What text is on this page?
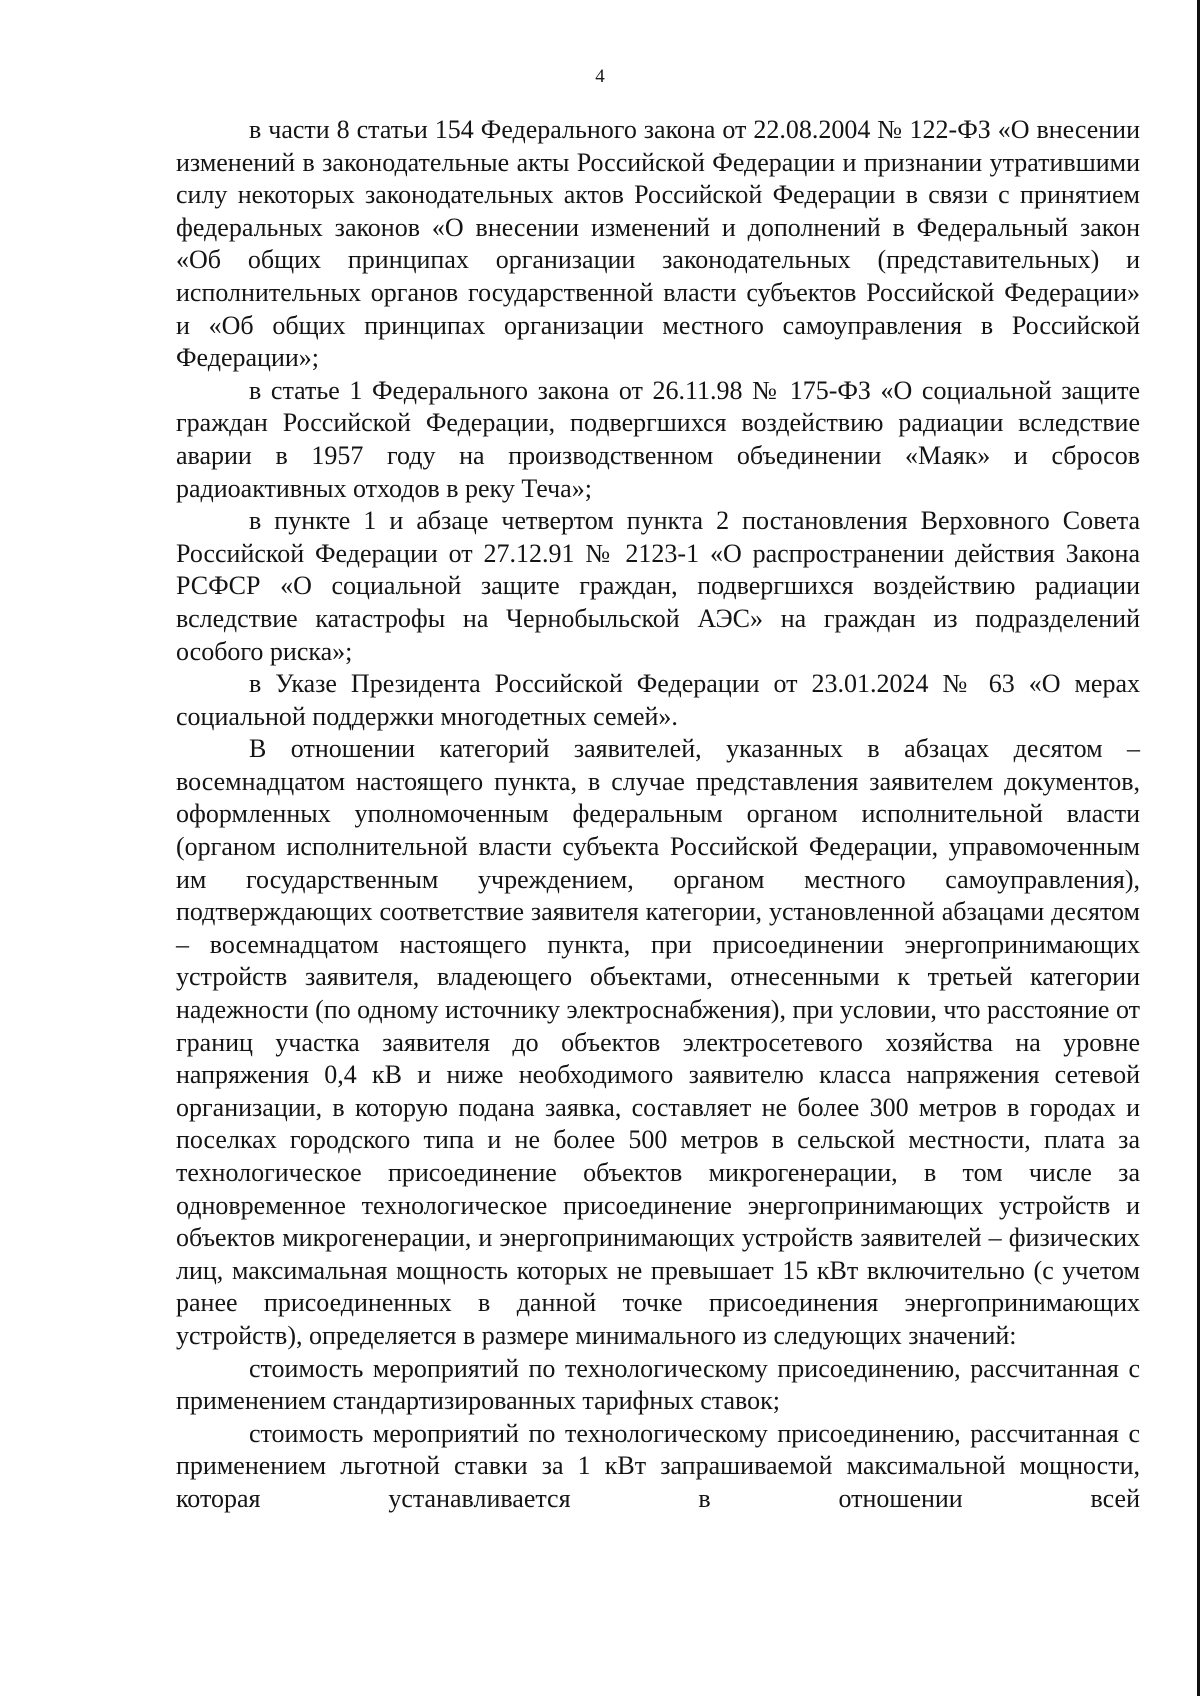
4

в части 8 статьи 154 Федерального закона от 22.08.2004 № 122-ФЗ «О внесении изменений в законодательные акты Российской Федерации и признании утратившими силу некоторых законодательных актов Российской Федерации в связи с принятием федеральных законов «О внесении изменений и дополнений в Федеральный закон «Об общих принципах организации законодательных (представительных) и исполнительных органов государственной власти субъектов Российской Федерации» и «Об общих принципах организации местного самоуправления в Российской Федерации»;

в статье 1 Федерального закона от 26.11.98 № 175-ФЗ «О социальной защите граждан Российской Федерации, подвергшихся воздействию радиации вследствие аварии в 1957 году на производственном объединении «Маяк» и сбросов радиоактивных отходов в реку Теча»;

в пункте 1 и абзаце четвертом пункта 2 постановления Верховного Совета Российской Федерации от 27.12.91 № 2123-1 «О распространении действия Закона РСФСР «О социальной защите граждан, подвергшихся воздействию радиации вследствие катастрофы на Чернобыльской АЭС» на граждан из подразделений особого риска»;

в Указе Президента Российской Федерации от 23.01.2024 № 63 «О мерах социальной поддержки многодетных семей».

В отношении категорий заявителей, указанных в абзацах десятом – восемнадцатом настоящего пункта, в случае представления заявителем документов, оформленных уполномоченным федеральным органом исполнительной власти (органом исполнительной власти субъекта Российской Федерации, управомоченным им государственным учреждением, органом местного самоуправления), подтверждающих соответствие заявителя категории, установленной абзацами десятом – восемнадцатом настоящего пункта, при присоединении энергопринимающих устройств заявителя, владеющего объектами, отнесенными к третьей категории надежности (по одному источнику электроснабжения), при условии, что расстояние от границ участка заявителя до объектов электросетевого хозяйства на уровне напряжения 0,4 кВ и ниже необходимого заявителю класса напряжения сетевой организации, в которую подана заявка, составляет не более 300 метров в городах и поселках городского типа и не более 500 метров в сельской местности, плата за технологическое присоединение объектов микрогенерации, в том числе за одновременное технологическое присоединение энергопринимающих устройств и объектов микрогенерации, и энергопринимающих устройств заявителей – физических лиц, максимальная мощность которых не превышает 15 кВт включительно (с учетом ранее присоединенных в данной точке присоединения энергопринимающих устройств), определяется в размере минимального из следующих значений:

стоимость мероприятий по технологическому присоединению, рассчитанная с применением стандартизированных тарифных ставок;

стоимость мероприятий по технологическому присоединению, рассчитанная с применением льготной ставки за 1 кВт запрашиваемой максимальной мощности, которая устанавливается в отношении всей
